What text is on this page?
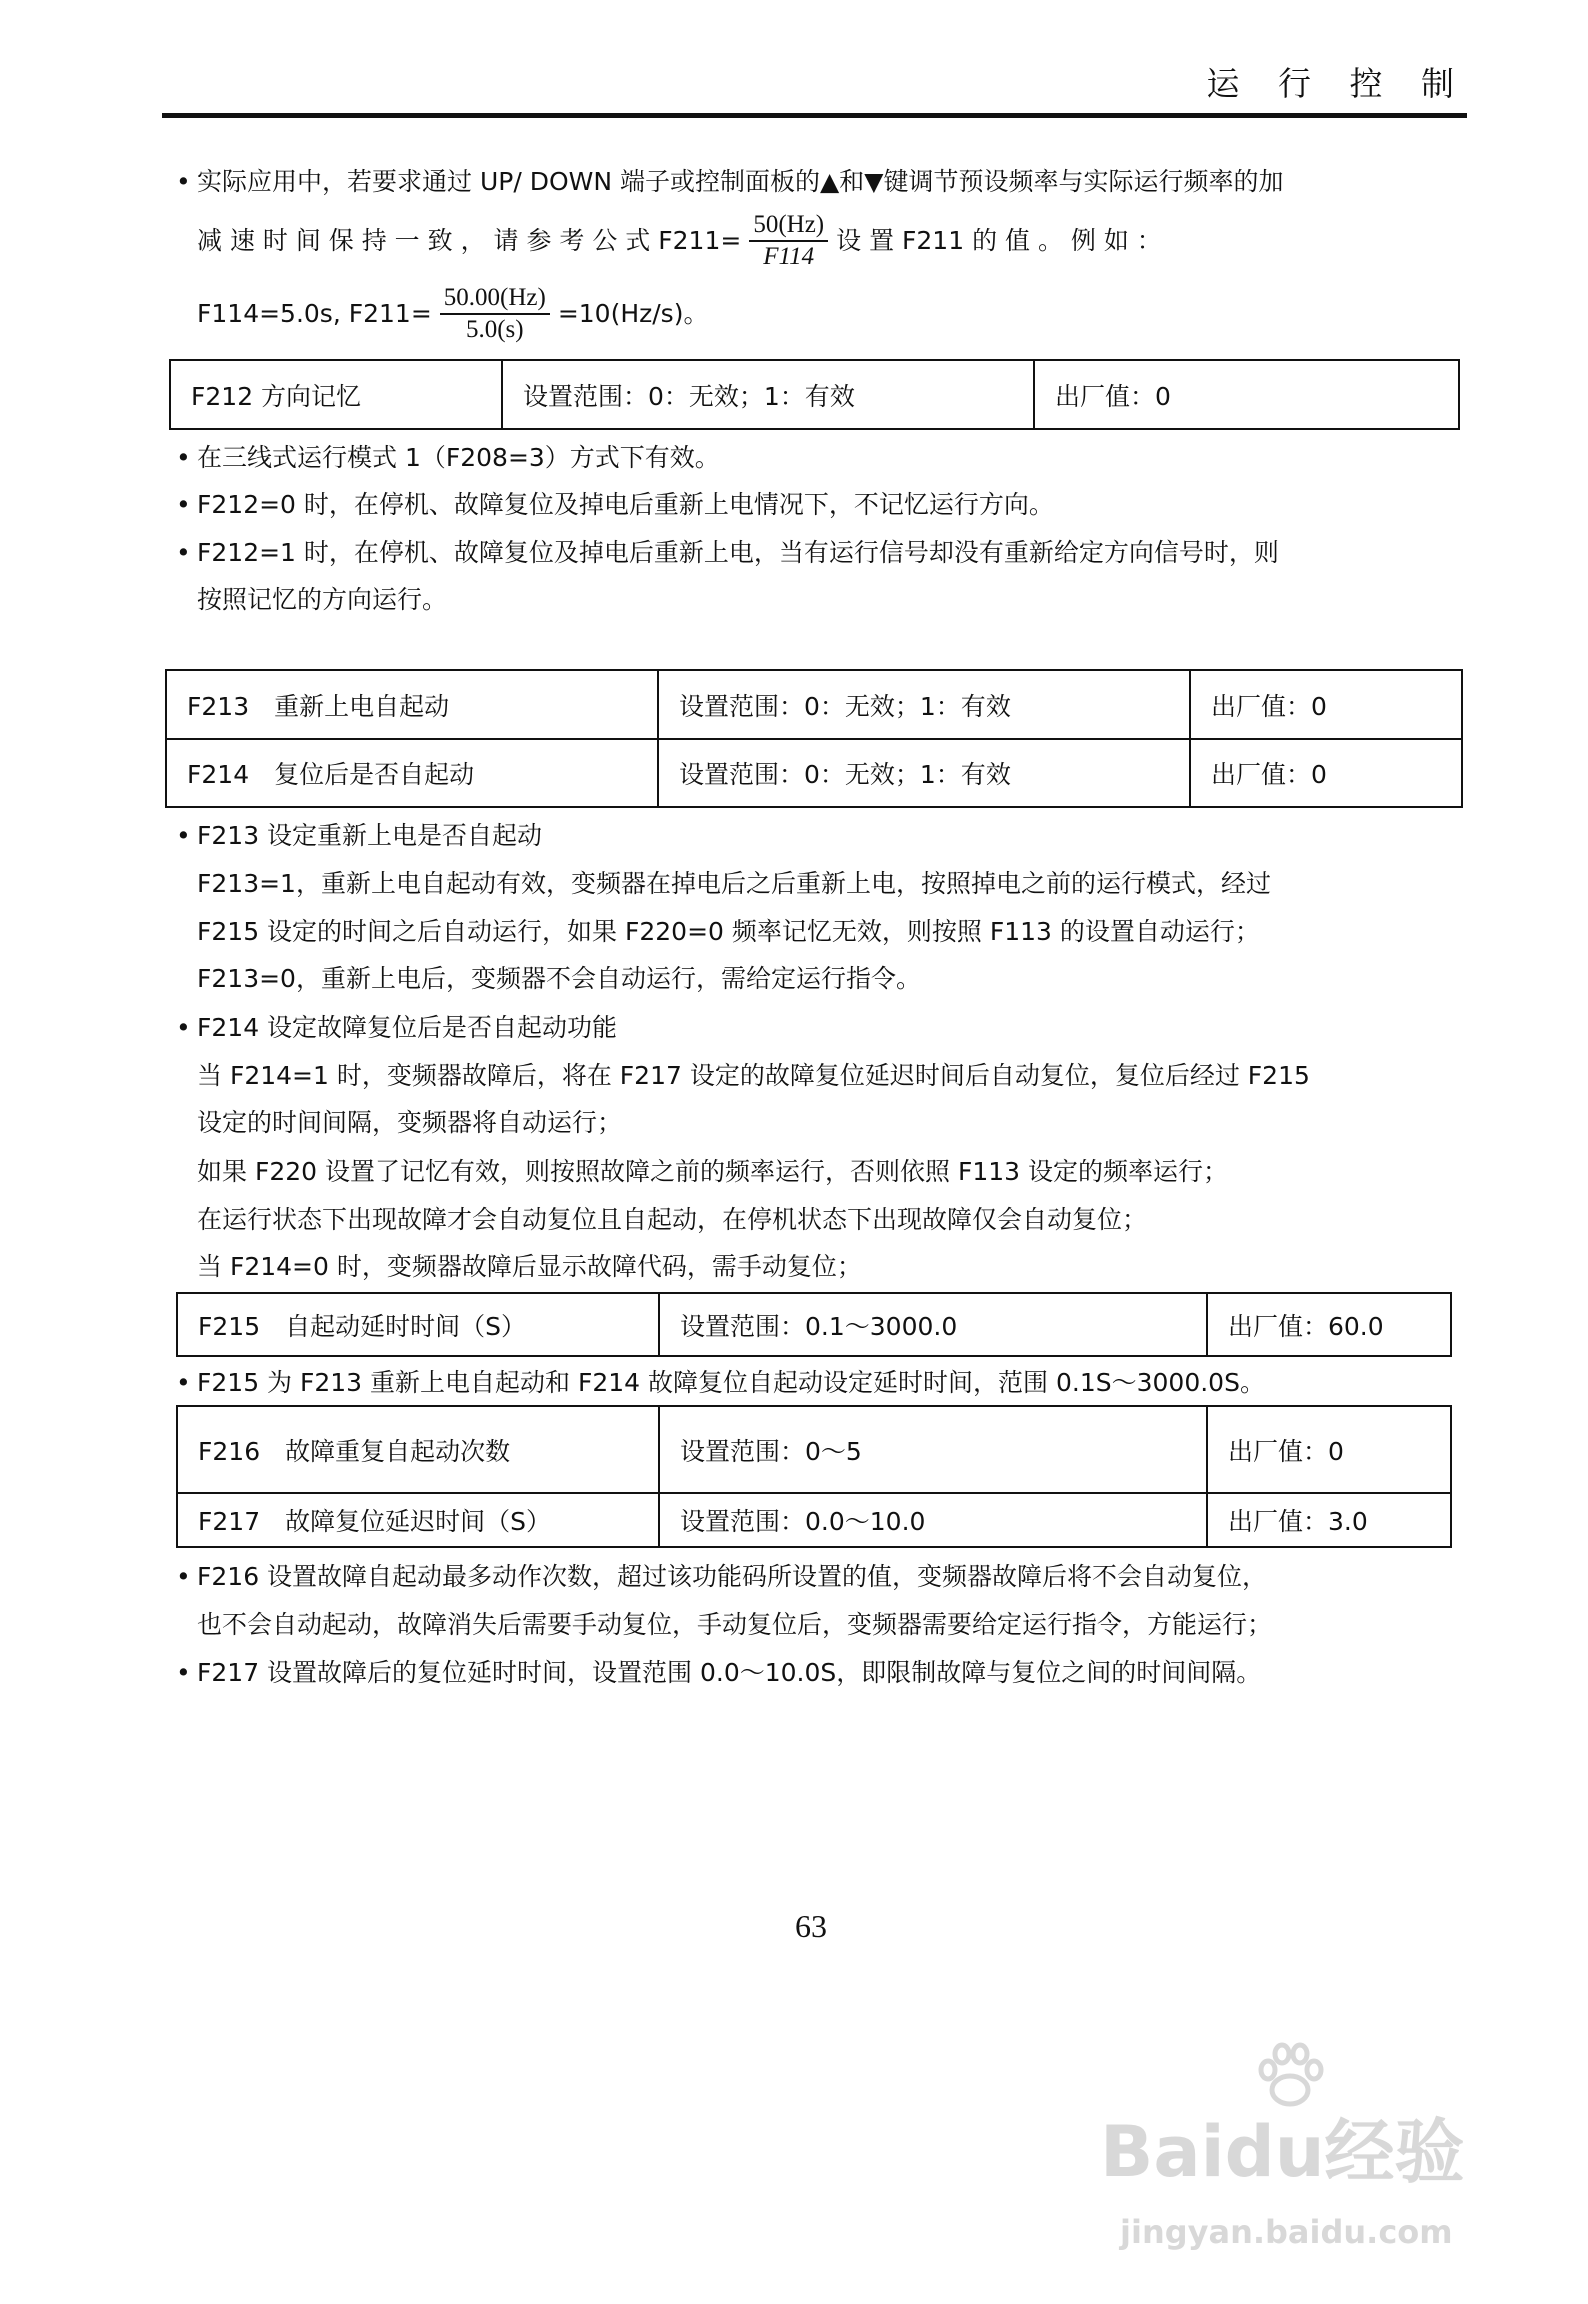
运 行 控 制
• 实际应用中，若要求通过 UP/ DOWN 端子或控制面板的▲和▼键调节预设频率与实际运行频率的加
减 速 时 间 保 持 一 致 ， 请 参 考 公 式 $F211= \frac{50(Hz)}{F114}$ 设 置 F211 的 值 。 例 如 ：
F114=5.0s, $F211= \frac{50.00(Hz)}{5.0(s)} =10(Hz/s)$。
F212 方向记忆	设置范围：0：无效；1：有效	出厂值：0
• 在三线式运行模式 1（F208=3）方式下有效。
• F212=0 时，在停机、故障复位及掉电后重新上电情况下，不记忆运行方向。
• F212=1 时，在停机、故障复位及掉电后重新上电，当有运行信号却没有重新给定方向信号时，则
按照记忆的方向运行。
F213　重新上电自起动	设置范围：0：无效；1：有效	出厂值：0
F214　复位后是否自起动	设置范围：0：无效；1：有效	出厂值：0
• F213 设定重新上电是否自起动
F213=1，重新上电自起动有效，变频器在掉电后之后重新上电，按照掉电之前的运行模式，经过
F215 设定的时间之后自动运行，如果 F220=0 频率记忆无效，则按照 F113 的设置自动运行；
F213=0，重新上电后，变频器不会自动运行，需给定运行指令。
• F214 设定故障复位后是否自起动功能
当 F214=1 时，变频器故障后，将在 F217 设定的故障复位延迟时间后自动复位，复位后经过 F215
设定的时间间隔，变频器将自动运行；
如果 F220 设置了记忆有效，则按照故障之前的频率运行，否则依照 F113 设定的频率运行；
在运行状态下出现故障才会自动复位且自起动，在停机状态下出现故障仅会自动复位；
当 F214=0 时，变频器故障后显示故障代码，需手动复位；
F215　自起动延时时间（S）	设置范围：0.1～3000.0	出厂值：60.0
• F215 为 F213 重新上电自起动和 F214 故障复位自起动设定延时时间，范围 0.1S～3000.0S。
F216　故障重复自起动次数	设置范围：0～5	出厂值：0
F217　故障复位延迟时间（S）	设置范围：0.0～10.0	出厂值：3.0
• F216 设置故障自起动最多动作次数，超过该功能码所设置的值，变频器故障后将不会自动复位，
也不会自动起动，故障消失后需要手动复位，手动复位后，变频器需要给定运行指令，方能运行；
• F217 设置故障后的复位延时时间，设置范围 0.0～10.0S，即限制故障与复位之间的时间间隔。
63
Baidu经验
jingyan.baidu.com
